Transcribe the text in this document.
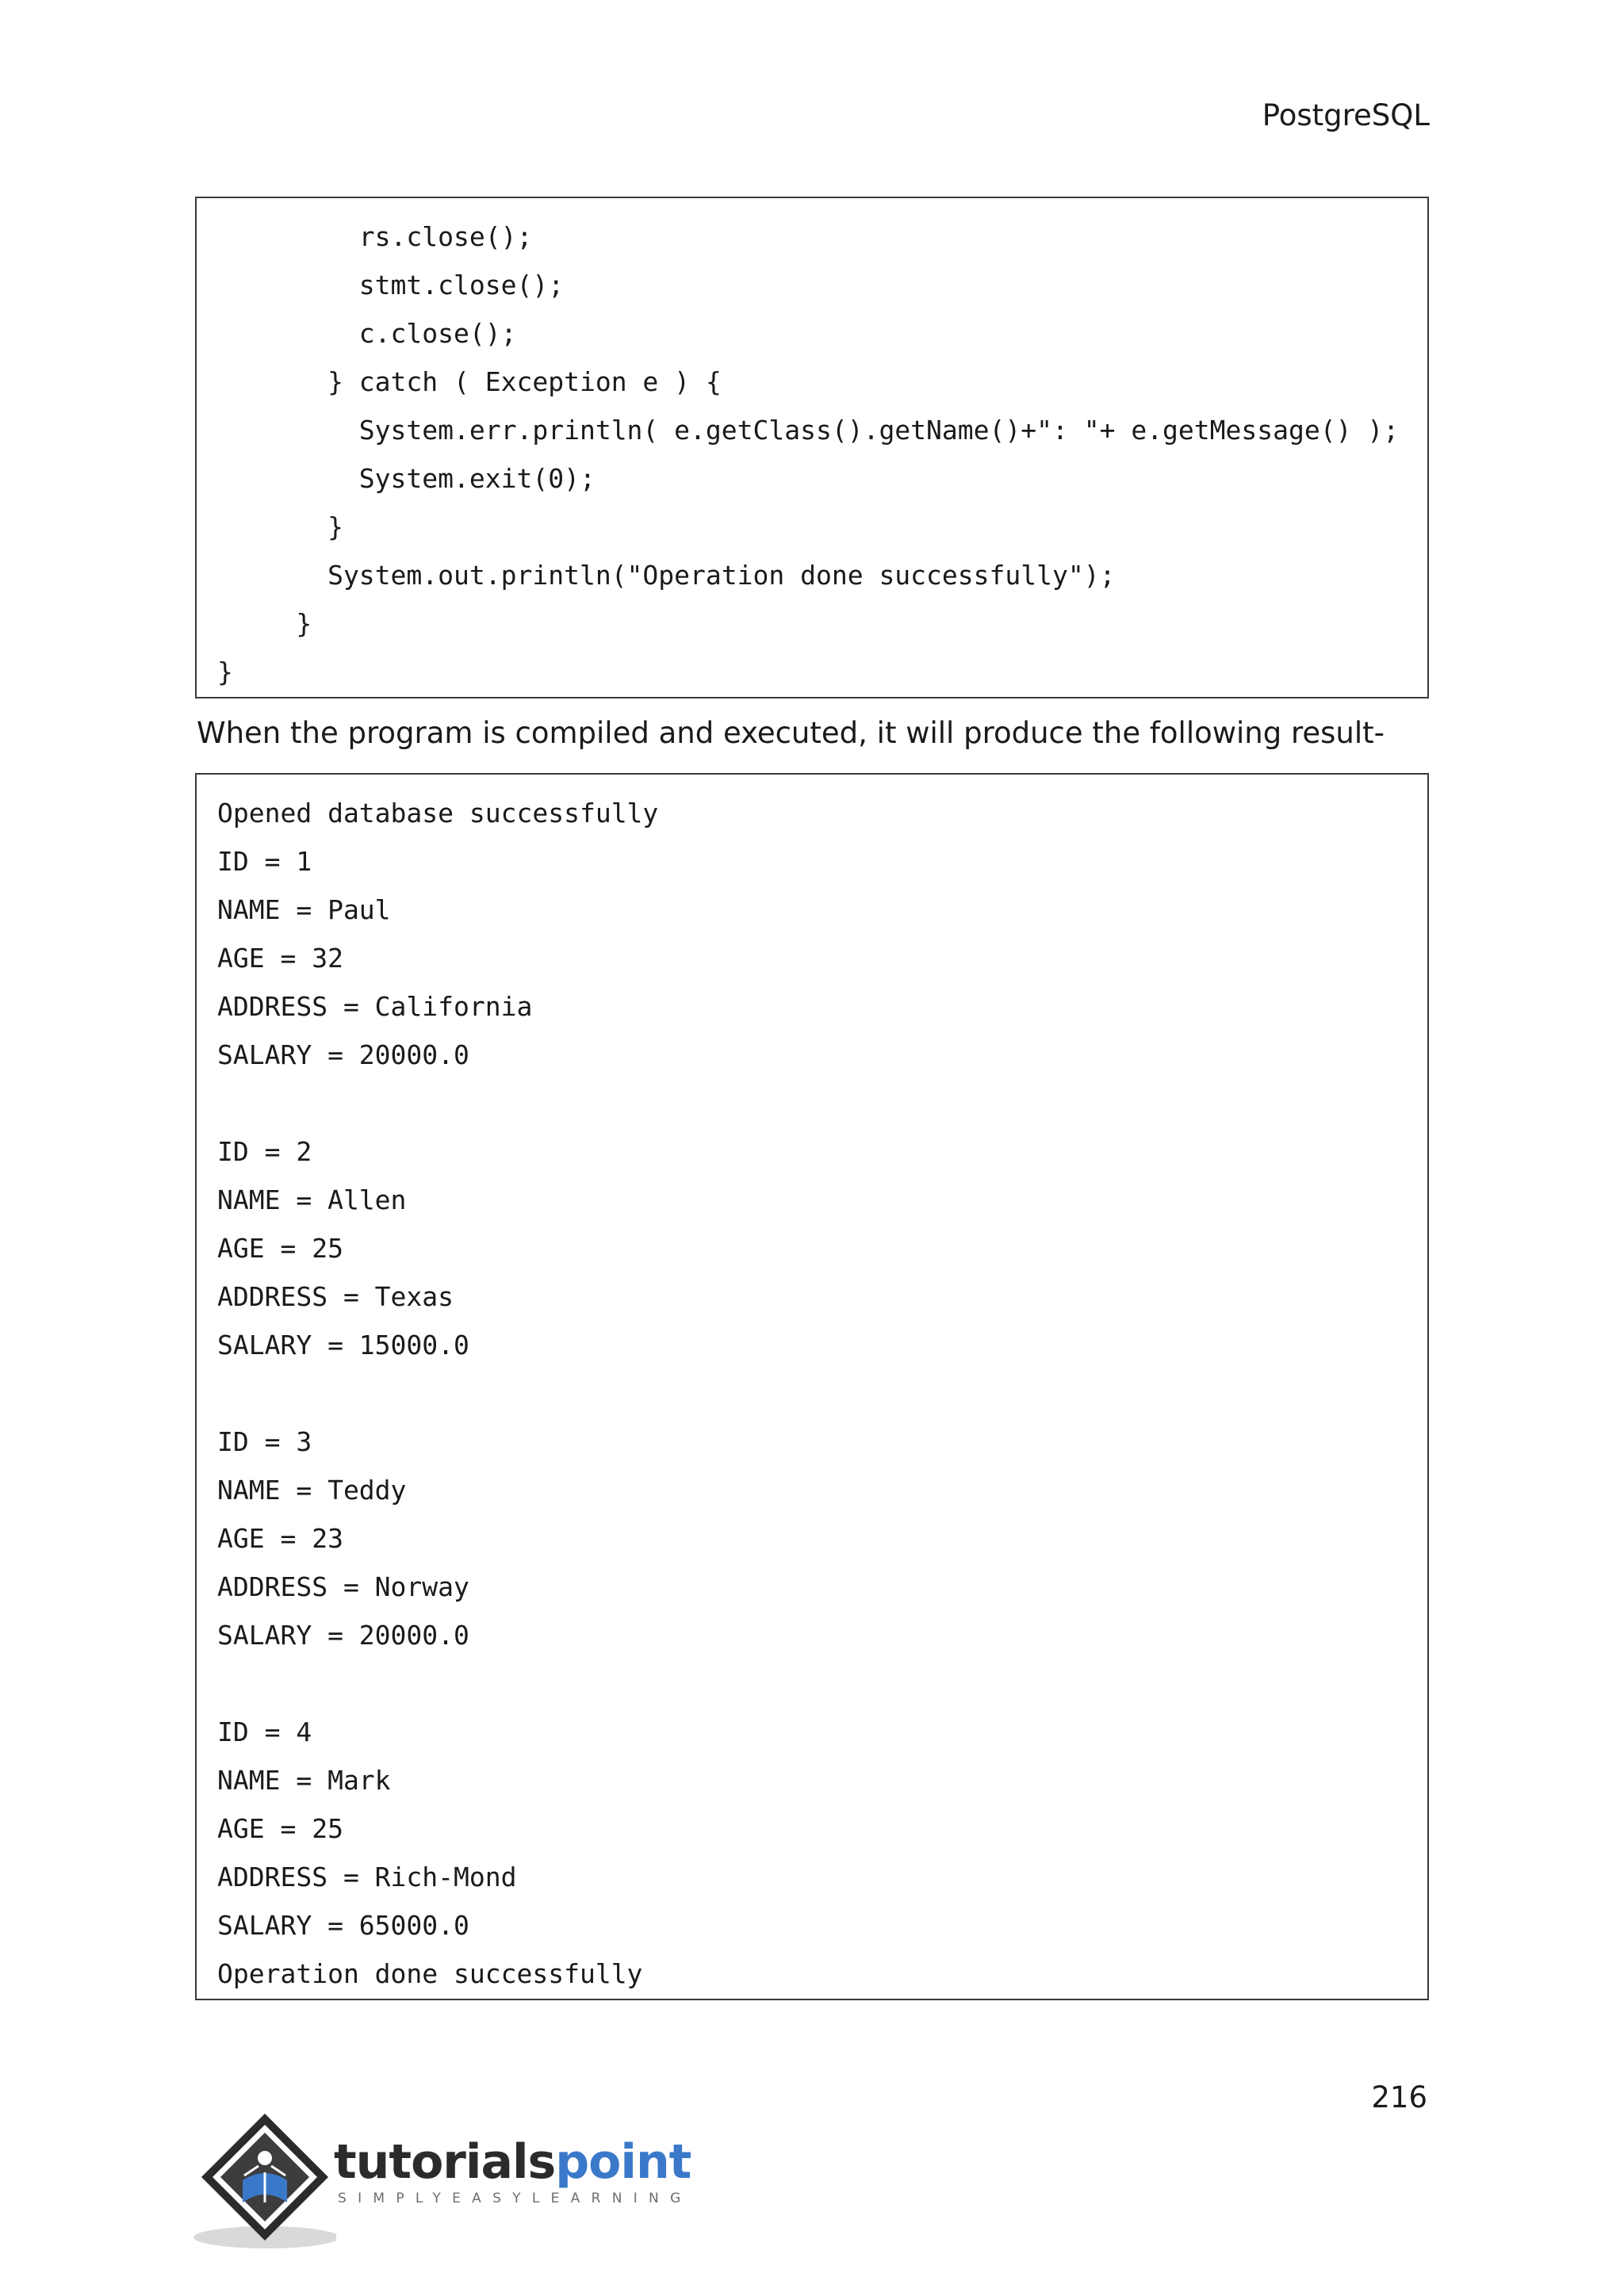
PostgreSQL
rs.close();
stmt.close();
c.close();
} catch ( Exception e ) {
System.err.println( e.getClass().getName()+": "+ e.getMessage() );
System.exit(0);
}
System.out.println("Operation done successfully");
}
}
When the program is compiled and executed, it will produce the following result-
Opened database successfully
ID = 1
NAME = Paul
AGE = 32
ADDRESS = California
SALARY = 20000.0
ID = 2
NAME = Allen
AGE = 25
ADDRESS = Texas
SALARY = 15000.0
ID = 3
NAME = Teddy
AGE = 23
ADDRESS = Norway
SALARY = 20000.0
ID = 4
NAME = Mark
AGE = 25
ADDRESS = Rich-Mond
SALARY = 65000.0
Operation done successfully
216
tutorialspoint
SIMPLYEASYLEARNING
